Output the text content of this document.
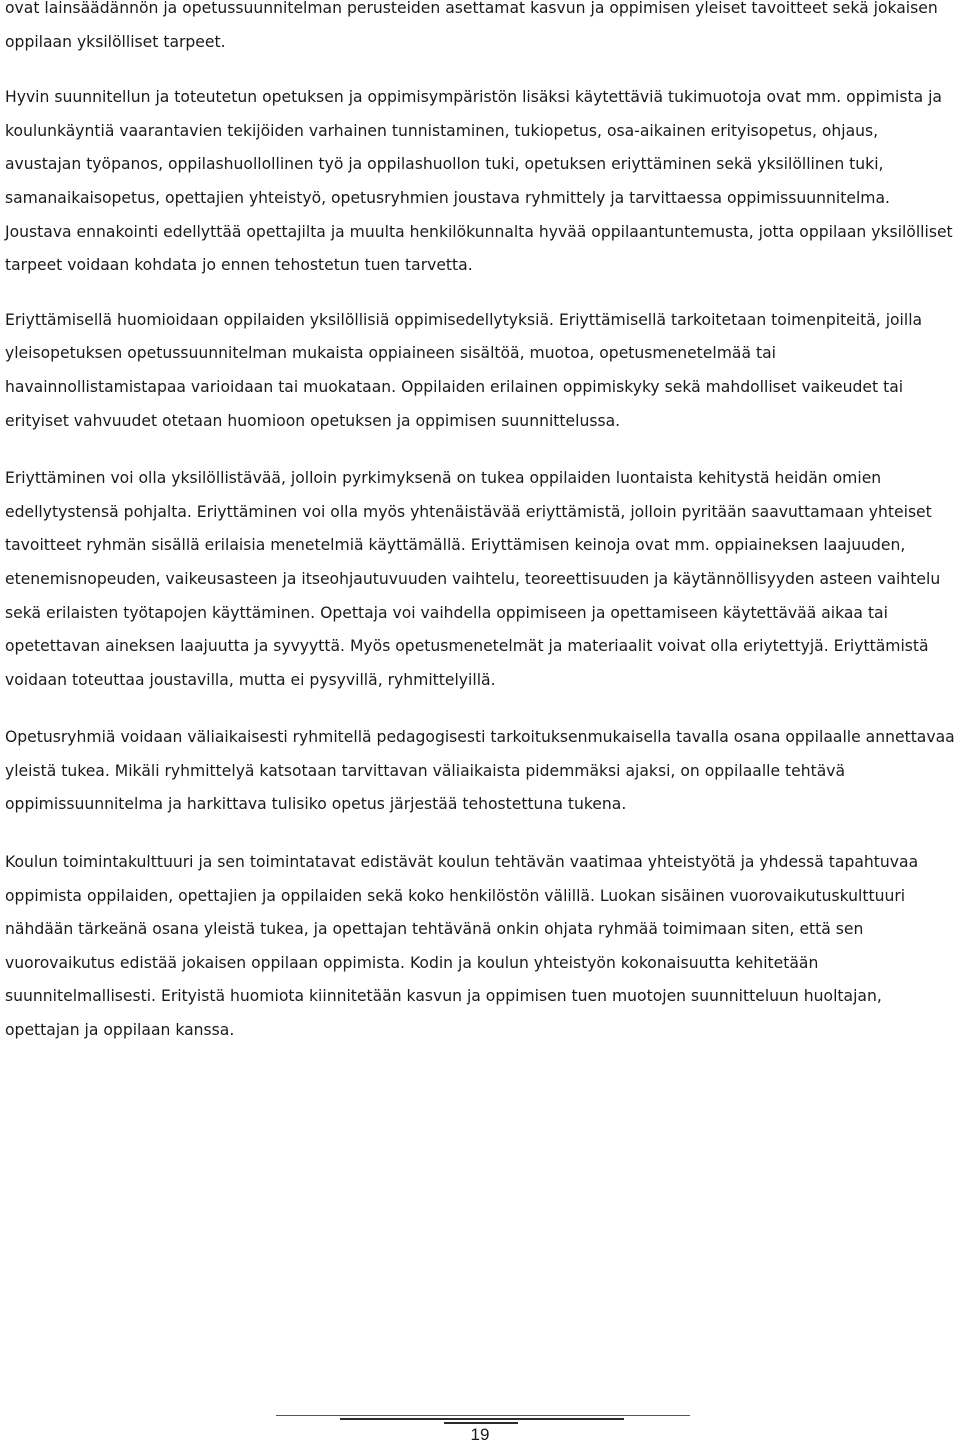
ovat lainsäädännön ja opetussuunnitelman perusteiden asettamat kasvun ja oppimisen yleiset tavoitteet sekä jokaisen oppilaan yksilölliset tarpeet.

Hyvin suunnitellun ja toteutetun opetuksen ja oppimisympäristön lisäksi käytettäviä tukimuotoja ovat mm. oppimista ja koulunkäyntiä vaarantavien tekijöiden varhainen tunnistaminen, tukiopetus, osa-aikainen erityisopetus, ohjaus, avustajan työpanos, oppilashuollollinen työ ja oppilashuollon tuki, opetuksen eriyttäminen sekä yksilöllinen tuki, samanaikaisopetus, opettajien yhteistyö, opetusryhmien joustava ryhmittely ja tarvittaessa oppimissuunnitelma. Joustava ennakointi edellyttää opettajilta ja muulta henkilökunnalta hyvää oppilaantuntemusta, jotta oppilaan yksilölliset tarpeet voidaan kohdata jo ennen tehostetun tuen tarvetta.

Eriyttämisellä huomioidaan oppilaiden yksilöllisiä oppimisedellytyksiä. Eriyttämisellä tarkoitetaan toimenpiteitä, joilla yleisopetuksen opetussuunnitelman mukaista oppiaineen sisältöä, muotoa, opetusmenetelmää tai havainnollistamistapaa varioidaan tai muokataan. Oppilaiden erilainen oppimiskyky sekä mahdolliset vaikeudet tai erityiset vahvuudet otetaan huomioon opetuksen ja oppimisen suunnittelussa.

Eriyttäminen voi olla yksilöllistävää, jolloin pyrkimyksenä on tukea oppilaiden luontaista kehitystä heidän omien edellytystensä pohjalta. Eriyttäminen voi olla myös yhtenäistävää eriyttämistä, jolloin pyritään saavuttamaan yhteiset tavoitteet ryhmän sisällä erilaisia menetelmiä käyttämällä. Eriyttämisen keinoja ovat mm. oppiaineksen laajuuden, etenemisnopeuden, vaikeusasteen ja itseohjautuvuuden vaihtelu, teoreettisuuden ja käytännöllisyyden asteen vaihtelu sekä erilaisten työtapojen käyttäminen. Opettaja voi vaihdella oppimiseen ja opettamiseen käytettävää aikaa tai opetettavan aineksen laajuutta ja syvyyttä. Myös opetusmenetelmät ja materiaalit voivat olla eriytettyjä. Eriyttämistä voidaan toteuttaa joustavilla, mutta ei pysyvillä, ryhmittelyillä.

Opetusryhmiä voidaan väliaikaisesti ryhmitellä pedagogisesti tarkoituksenmukaisella tavalla osana oppilaalle annettavaa yleistä tukea. Mikäli ryhmittelyä katsotaan tarvittavan väliaikaista pidemmäksi ajaksi, on oppilaalle tehtävä oppimissuunnitelma ja harkittava tulisiko opetus järjestää tehostettuna tukena.

Koulun toimintakulttuuri ja sen toimintatavat edistävät koulun tehtävän vaatimaa yhteistyötä ja yhdessä tapahtuvaa oppimista oppilaiden, opettajien ja oppilaiden sekä koko henkilöstön välillä. Luokan sisäinen vuorovaikutuskulttuuri nähdään tärkeänä osana yleistä tukea, ja opettajan tehtävänä onkin ohjata ryhmää toimimaan siten, että sen vuorovaikutus edistää jokaisen oppilaan oppimista. Kodin ja koulun yhteistyön kokonaisuutta kehitetään suunnitelmallisesti. Erityistä huomiota kiinnitetään kasvun ja oppimisen tuen muotojen suunnitteluun huoltajan, opettajan ja oppilaan kanssa.

19
